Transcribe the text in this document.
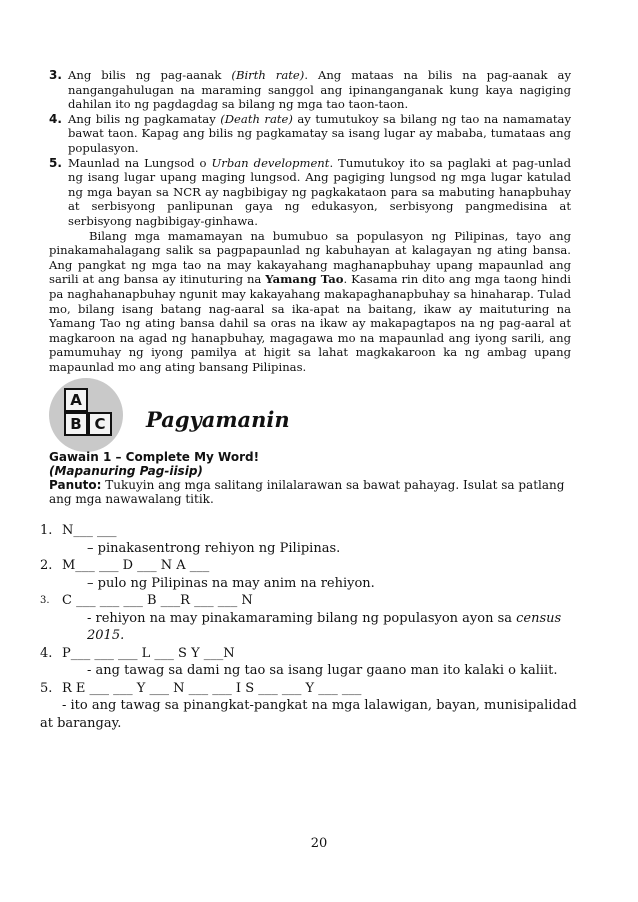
3. Ang bilis ng pag-aanak (Birth rate). Ang mataas na bilis na pag-aanak ay nangangahulugan na maraming sanggol ang ipinanganganak kung kaya nagiging dahilan ito ng pagdagdag sa bilang ng mga tao taon-taon.
4. Ang bilis ng pagkamatay (Death rate) ay tumutukoy sa bilang ng tao na namamatay bawat taon. Kapag ang bilis ng pagkamatay sa isang lugar ay mababa, tumataas ang populasyon.
5. Maunlad na Lungsod o Urban development. Tumutukoy ito sa paglaki at pag-unlad ng isang lugar upang maging lungsod. Ang pagiging lungsod ng mga lugar katulad ng mga bayan sa NCR ay nagbibigay ng pagkakataon para sa mabuting hanapbuhay at serbisyong panlipunan gaya ng edukasyon, serbisyong pangmedisina at serbisyong nagbibigay-ginhawa.
Bilang mga mamamayan na bumubuo sa populasyon ng Pilipinas, tayo ang pinakamahalagang salik sa pagpapaunlad ng kabuhayan at kalagayan ng ating bansa. Ang pangkat ng mga tao na may kakayahang maghanapbuhay upang mapaunlad ang sarili at ang bansa ay itinuturing na Yamang Tao. Kasama rin dito ang mga taong hindi pa naghahanapbuhay ngunit may kakayahang makapaghanapbuhay sa hinaharap. Tulad mo, bilang isang batang nag-aaral sa ika-apat na baitang, ikaw ay maituturing na Yamang Tao ng ating bansa dahil sa oras na ikaw ay makapagtapos na ng pag-aaral at magkaroon na agad ng hanapbuhay, magagawa mo na mapaunlad ang iyong sarili, ang pamumuhay ng iyong pamilya at higit sa lahat magkakaroon ka ng ambag upang mapaunlad mo ang ating bansang Pilipinas.
A
B C	Pagyamanin
Gawain 1 – Complete My Word!
(Mapanuring Pag-iisip)
Panuto: Tukuyin ang mga salitang inilalarawan sa bawat pahayag. Isulat sa patlang ang mga nawawalang titik.
1. N___ ___
– pinakasentrong rehiyon ng Pilipinas.
2. M___ ___ D ___ N A ___
– pulo ng Pilipinas na may anim na rehiyon.
3. C ___ ___ ___ B ___R ___ ___ N
- rehiyon na may pinakamaraming bilang ng populasyon ayon sa census 2015.
4. P___ ___ ___ L ___ S Y ___N
- ang tawag sa dami ng tao sa isang lugar gaano man ito kalaki o kaliit.
5. R E ___ ___ Y ___ N ___ ___ I S ___ ___ Y ___ ___
- ito ang tawag sa pinangkat-pangkat na mga lalawigan, bayan, munisipalidad at barangay.
20
